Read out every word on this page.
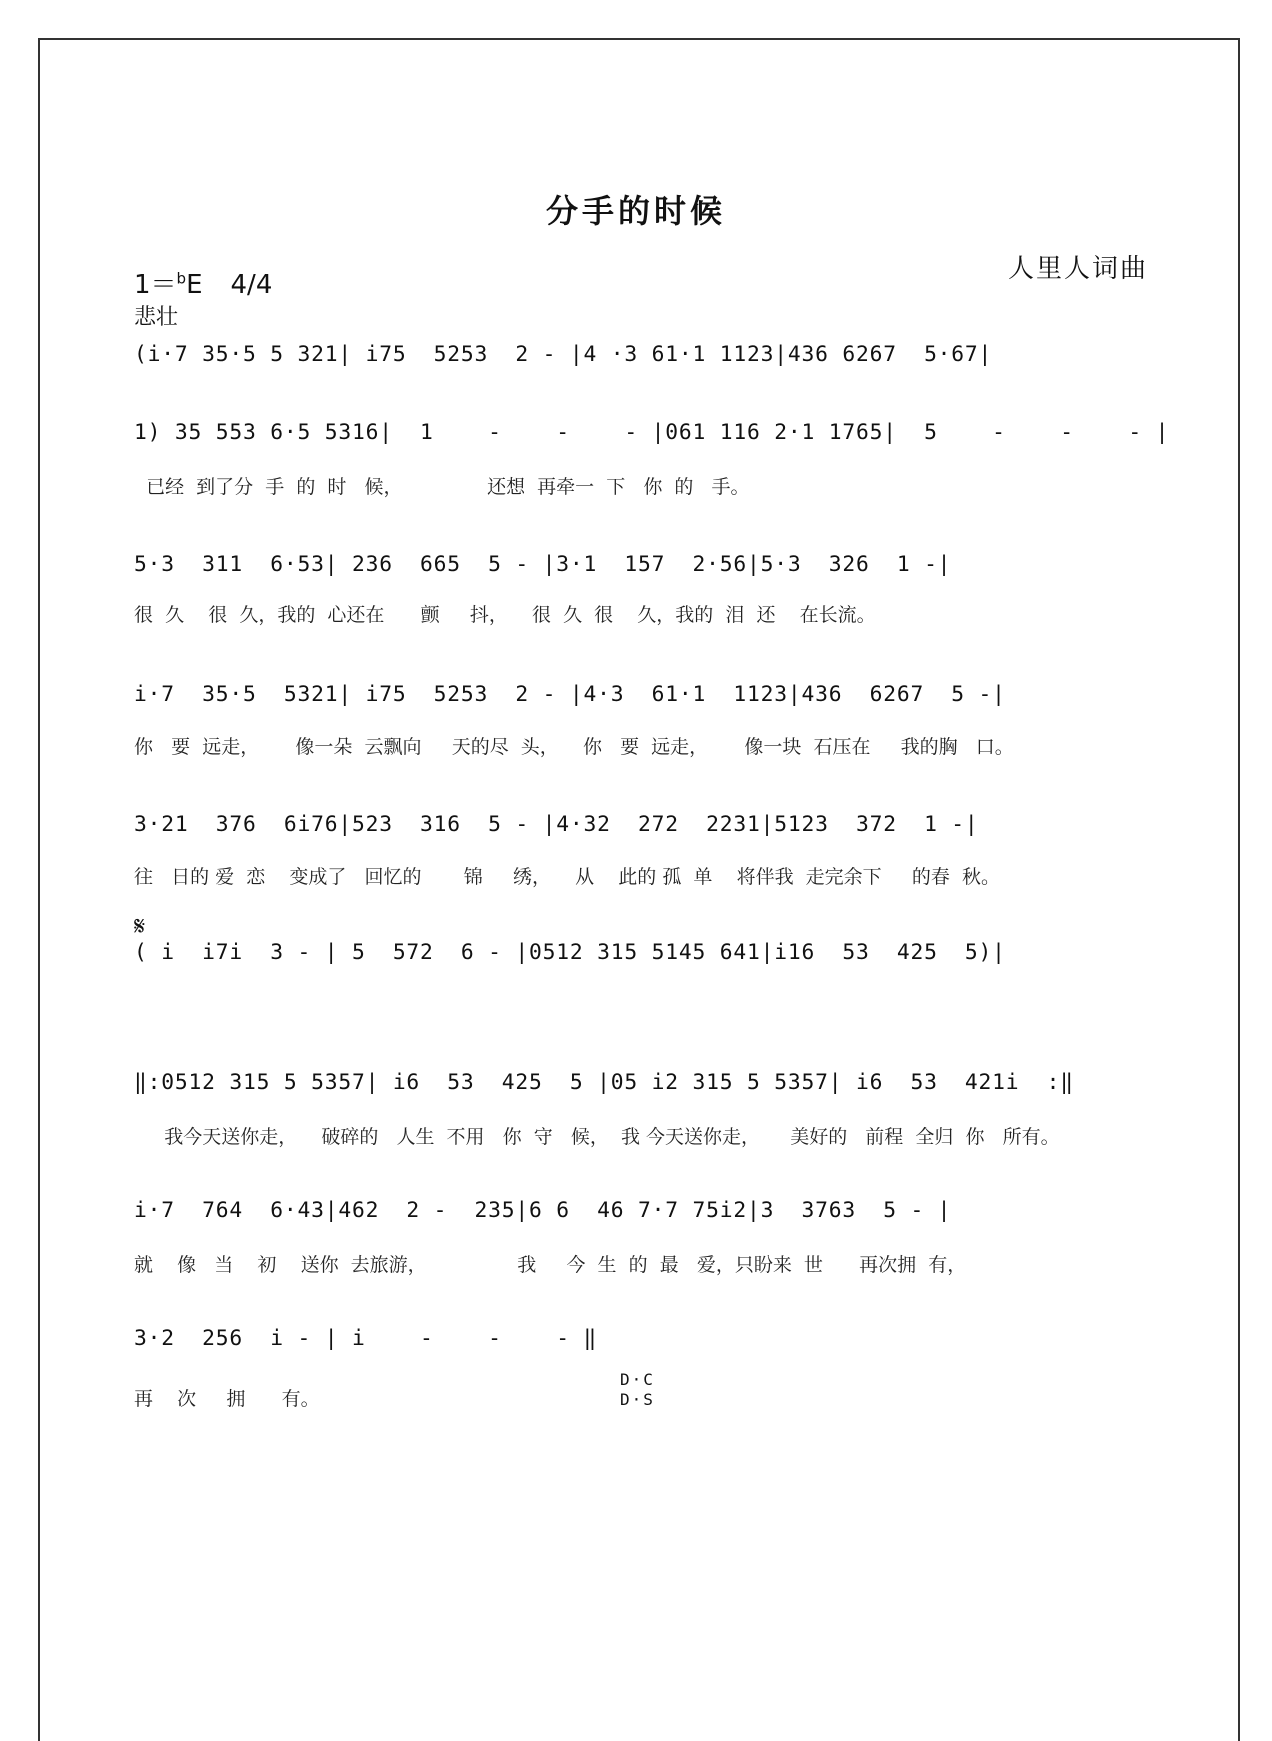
分手的时候
人里人词曲
1＝$^b$E 4/4
悲壮
(i·7 35·5 5 321| i75  5253  2 - |4 ·3 61·1 1123|436 6267  5·67|
1) 35 553 6·5 5316|  1    -    -    - |061 116 2·1 1765|  5    -    -    - |
已经  到了分  手  的  时   候，              还想  再牵一  下   你  的   手。
5·3  311  6·53| 236  665  5 - |3·1  157  2·56|5·3  326  1 -|
很  久    很  久，我的  心还在      颤     抖，    很  久  很    久，我的  泪  还    在长流。
i·7  35·5  5321| i75  5253  2 - |4·3  61·1  1123|436  6267  5 -|
你   要  远走，      像一朵  云飘向     天的尽  头，    你   要  远走，      像一块  石压在     我的胸   口。
3·21  376  6i76|523  316  5 - |4·32  272  2231|5123  372  1 -|
往   日的 爱  恋    变成了   回忆的       锦     绣，    从    此的 孤  单    将伴我  走完余下     的春  秋。
𝄋
( i  i7i  3 - | 5  572  6 - |0512 315 5145 641|i16  53  425  5)|
‖:0512 315 5 5357| i6  53  425  5 |05 i2 315 5 5357| i6  53  421i  :‖
我今天送你走，    破碎的   人生  不用   你  守   候，  我 今天送你走，     美好的   前程  全归  你   所有。
i·7  764  6·43|462  2 -  235|6 6  46 7·7 75i2|3  3763  5 - |
就    像   当    初    送你  去旅游，               我     今  生  的  最   爱，只盼来  世      再次拥  有，
3·2  256  i - | i    -    -    - ‖
再    次     拥      有。
D·C
D·S
